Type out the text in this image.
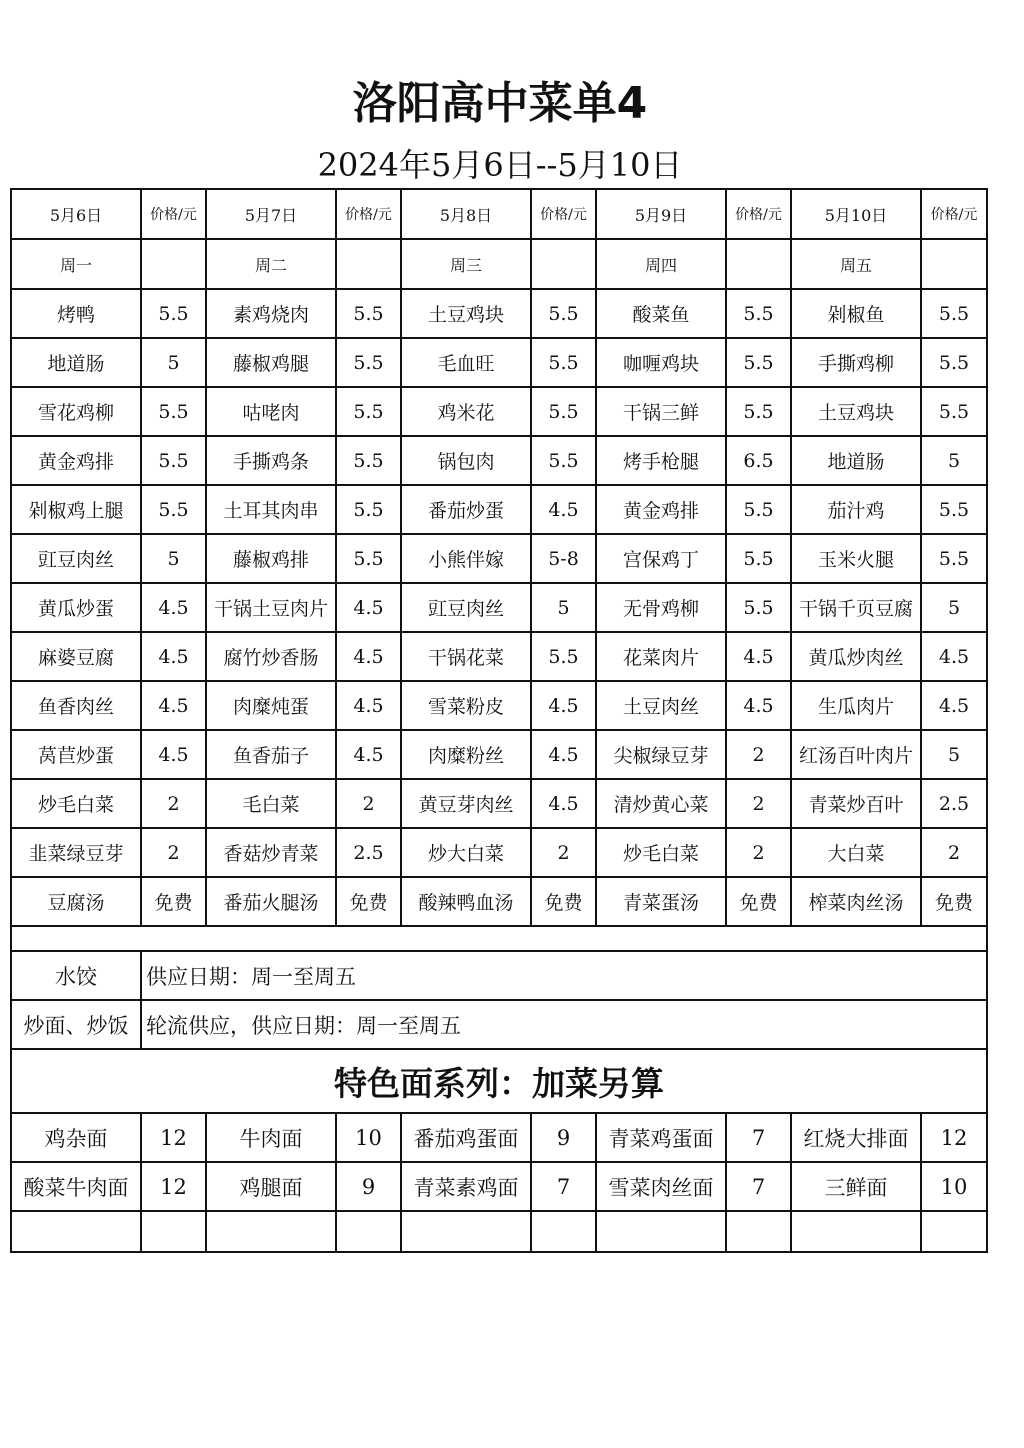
洛阳高中菜单4
2024年5月6日--5月10日
5月6日	价格/元	5月7日	价格/元	5月8日	价格/元	5月9日	价格/元	5月10日	价格/元
周一		周二		周三		周四		周五	
烤鸭	5.5	素鸡烧肉	5.5	土豆鸡块	5.5	酸菜鱼	5.5	剁椒鱼	5.5
地道肠	5	藤椒鸡腿	5.5	毛血旺	5.5	咖喱鸡块	5.5	手撕鸡柳	5.5
雪花鸡柳	5.5	咕咾肉	5.5	鸡米花	5.5	干锅三鲜	5.5	土豆鸡块	5.5
黄金鸡排	5.5	手撕鸡条	5.5	锅包肉	5.5	烤手枪腿	6.5	地道肠	5
剁椒鸡上腿	5.5	土耳其肉串	5.5	番茄炒蛋	4.5	黄金鸡排	5.5	茄汁鸡	5.5
豇豆肉丝	5	藤椒鸡排	5.5	小熊伴嫁	5-8	宫保鸡丁	5.5	玉米火腿	5.5
黄瓜炒蛋	4.5	干锅土豆肉片	4.5	豇豆肉丝	5	无骨鸡柳	5.5	干锅千页豆腐	5
麻婆豆腐	4.5	腐竹炒香肠	4.5	干锅花菜	5.5	花菜肉片	4.5	黄瓜炒肉丝	4.5
鱼香肉丝	4.5	肉糜炖蛋	4.5	雪菜粉皮	4.5	土豆肉丝	4.5	生瓜肉片	4.5
莴苣炒蛋	4.5	鱼香茄子	4.5	肉糜粉丝	4.5	尖椒绿豆芽	2	红汤百叶肉片	5
炒毛白菜	2	毛白菜	2	黄豆芽肉丝	4.5	清炒黄心菜	2	青菜炒百叶	2.5
韭菜绿豆芽	2	香菇炒青菜	2.5	炒大白菜	2	炒毛白菜	2	大白菜	2
豆腐汤	免费	番茄火腿汤	免费	酸辣鸭血汤	免费	青菜蛋汤	免费	榨菜肉丝汤	免费

水饺	供应日期：周一至周五								
炒面、炒饭	轮流供应，供应日期：周一至周五								
特色面系列：加菜另算									
鸡杂面	12	牛肉面	10	番茄鸡蛋面	9	青菜鸡蛋面	7	红烧大排面	12
酸菜牛肉面	12	鸡腿面	9	青菜素鸡面	7	雪菜肉丝面	7	三鲜面	10
